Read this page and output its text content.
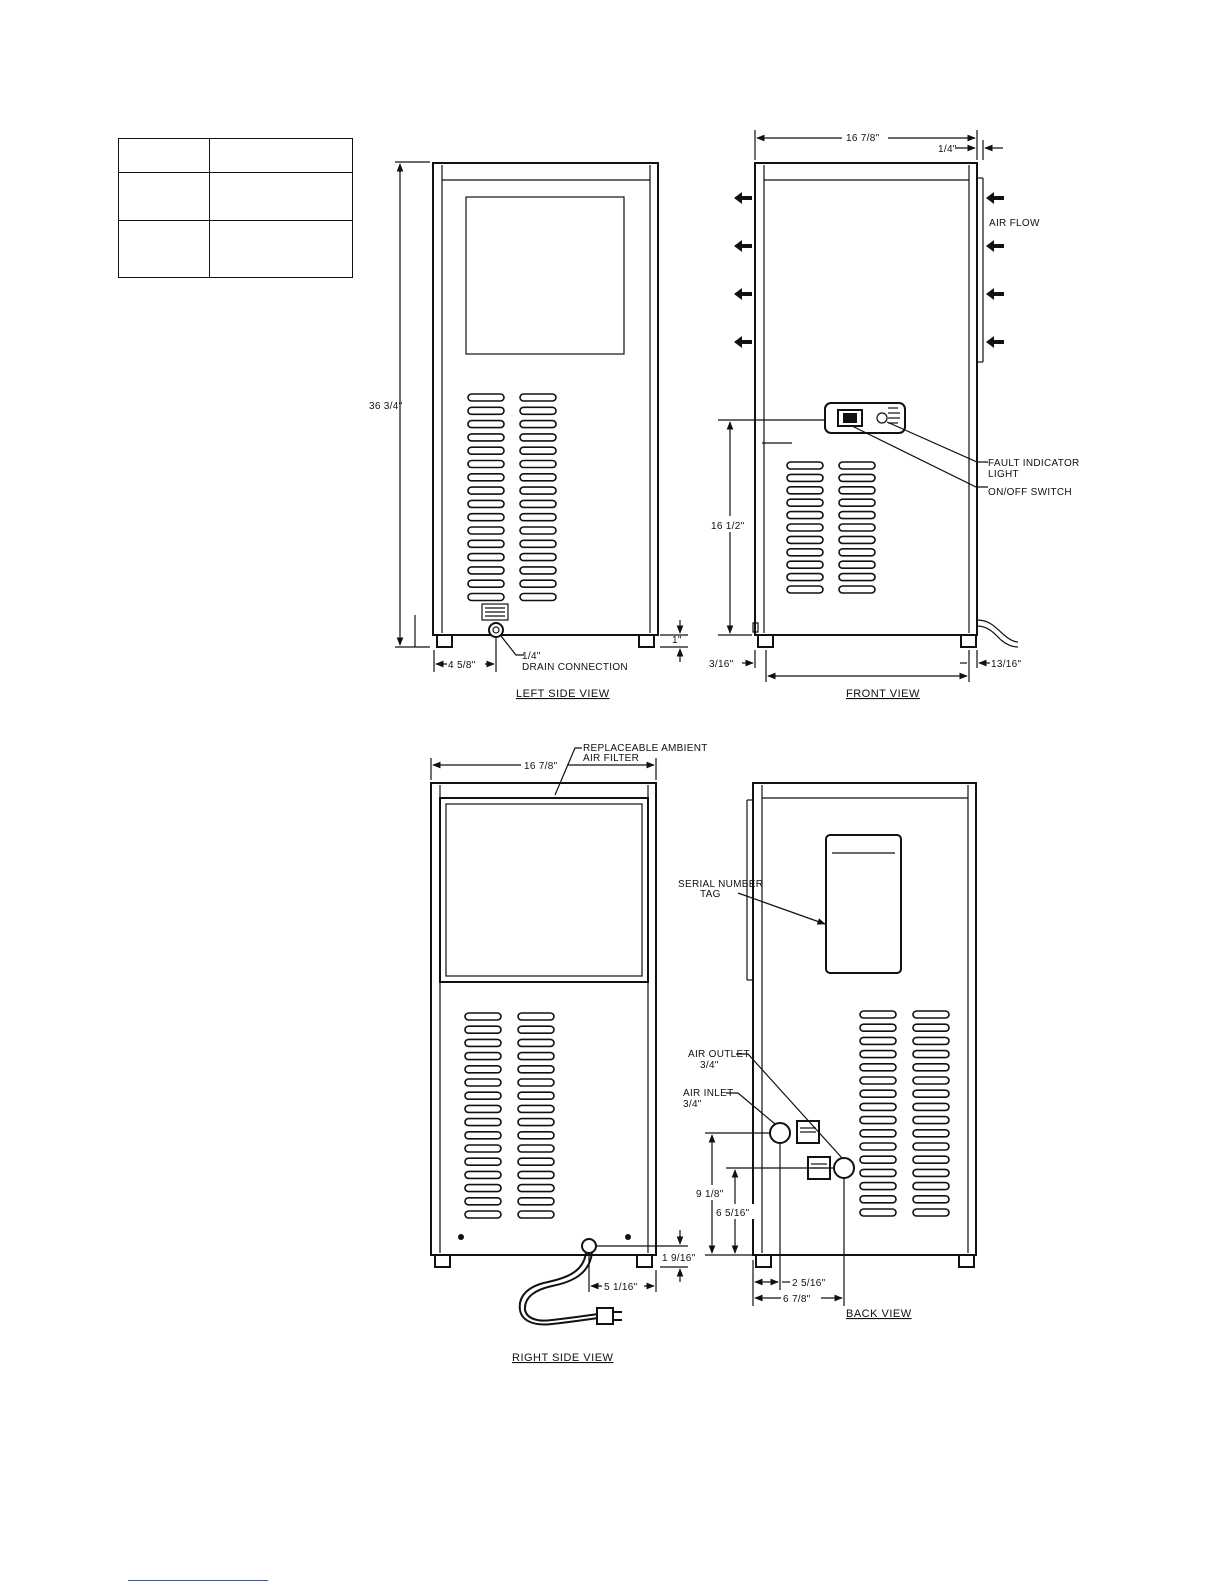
36 3/4"
4 5/8"
1"
1/4"
DRAIN CONNECTION
LEFT SIDE VIEW
16 7/8"
1/4"
AIR FLOW
16 1/2"
3/16"	13/16"
FAULT INDICATOR
LIGHT
ON/OFF SWITCH
FRONT VIEW
16 7/8"
REPLACEABLE AMBIENT
AIR FILTER
1 9/16"
5 1/16"
RIGHT SIDE VIEW
SERIAL NUMBER
TAG
AIR OUTLET
3/4"
AIR INLET
3/4"
9 1/8"
6 5/16"
2 5/16"
6 7/8"
BACK VIEW
